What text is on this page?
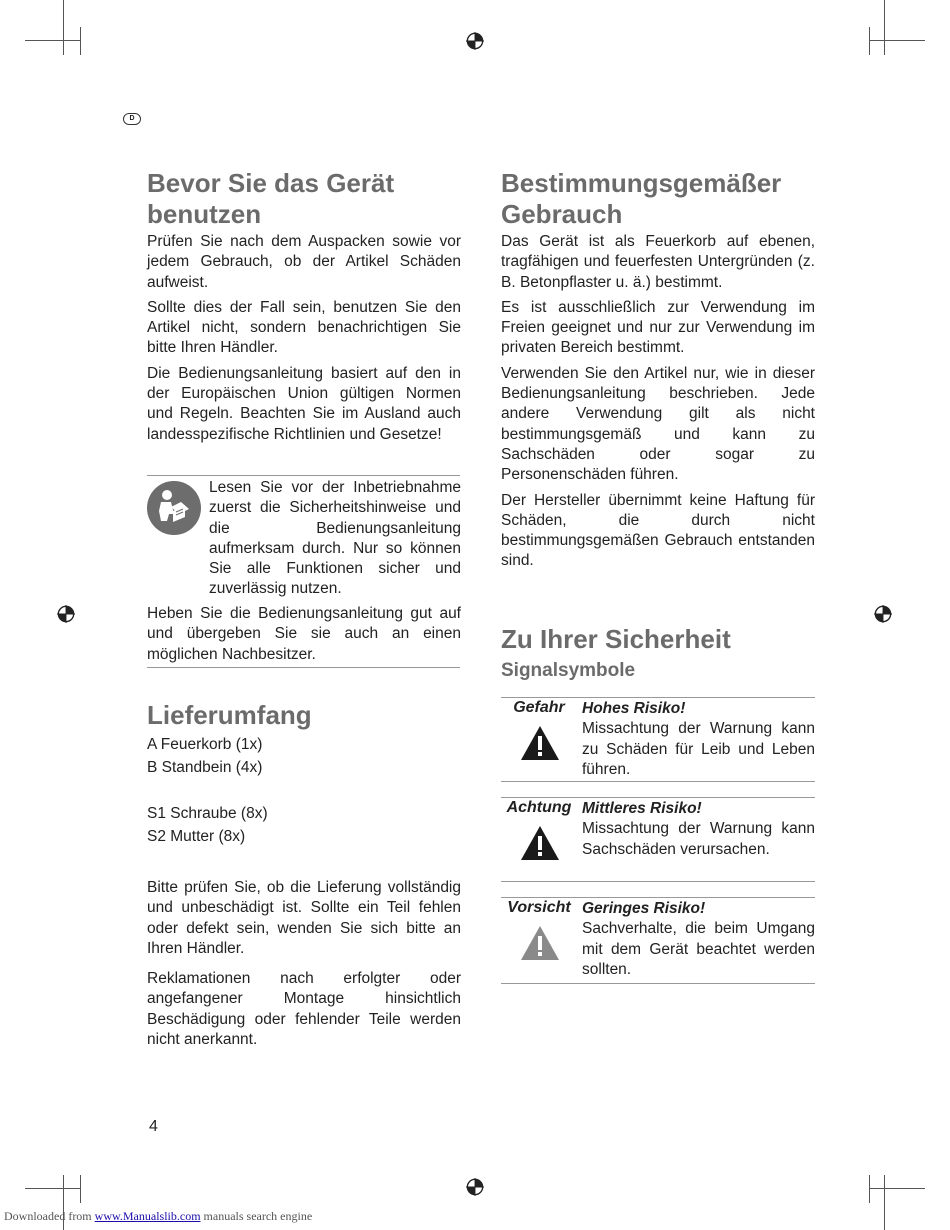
D
Bevor Sie das Gerät benutzen

Prüfen Sie nach dem Auspacken sowie vor jedem Gebrauch, ob der Artikel Schäden aufweist.

Sollte dies der Fall sein, benutzen Sie den Artikel nicht, sondern benachrichtigen Sie bitte Ihren Händler.

Die Bedienungsanleitung basiert auf den in der Europäischen Union gültigen Normen und Regeln. Beachten Sie im Ausland auch landesspezifische Richtlinien und Gesetze!

Lesen Sie vor der Inbetriebnahme zuerst die Sicherheitshinweise und die Bedienungsanleitung aufmerksam durch. Nur so können Sie alle Funktionen sicher und zuverlässig nutzen.

Heben Sie die Bedienungsanleitung gut auf und übergeben Sie sie auch an einen möglichen Nachbesitzer.

Lieferumfang
A Feuerkorb (1x)
B Standbein (4x)
S1 Schraube (8x)
S2 Mutter (8x)

Bitte prüfen Sie, ob die Lieferung vollständig und unbeschädigt ist. Sollte ein Teil fehlen oder defekt sein, wenden Sie sich bitte an Ihren Händler.

Reklamationen nach erfolgter oder angefangener Montage hinsichtlich Beschädigung oder fehlender Teile werden nicht anerkannt.

4
Bestimmungsgemäßer Gebrauch

Das Gerät ist als Feuerkorb auf ebenen, tragfähigen und feuerfesten Untergründen (z. B. Betonpflaster u. ä.) bestimmt.

Es ist ausschließlich zur Verwendung im Freien geeignet und nur zur Verwendung im privaten Bereich bestimmt.

Verwenden Sie den Artikel nur, wie in dieser Bedienungsanleitung beschrieben. Jede andere Verwendung gilt als nicht bestimmungsgemäß und kann zu Sachschäden oder sogar zu Personenschäden führen.

Der Hersteller übernimmt keine Haftung für Schäden, die durch nicht bestimmungsgemäßen Gebrauch entstanden sind.

Zu Ihrer Sicherheit
Signalsymbole
Gefahr	Hohes Risiko!
Missachtung der Warnung kann zu Schäden für Leib und Leben führen.
Achtung Mittleres Risiko!
Missachtung der Warnung kann Sachschäden verursachen.
Vorsicht Geringes Risiko!
Sachverhalte, die beim Umgang mit dem Gerät beachtet werden sollten.
Downloaded from www.Manualslib.com manuals search engine
